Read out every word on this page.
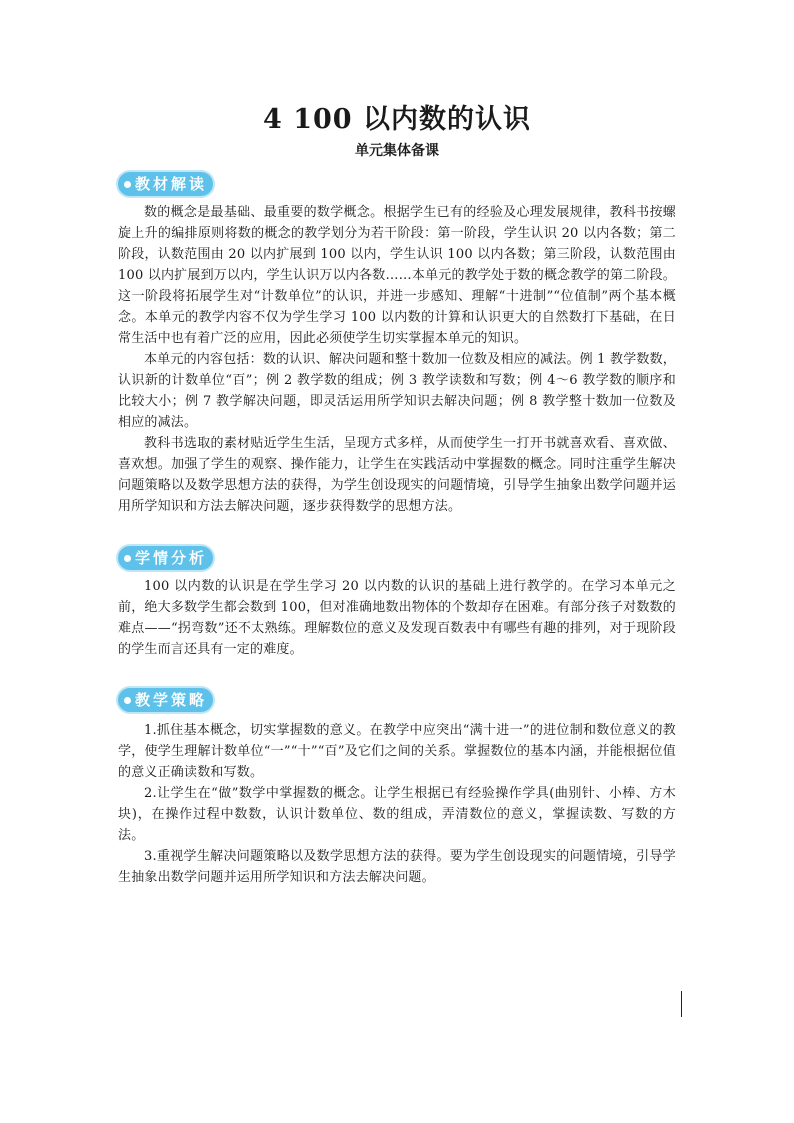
4 100 以内数的认识
单元集体备课
教材解读

数的概念是最基础、最重要的数学概念。根据学生已有的经验及心理发展规律，教科书按螺旋上升的编排原则将数的概念的教学划分为若干阶段：第一阶段，学生认识 20 以内各数；第二阶段，认数范围由 20 以内扩展到 100 以内，学生认识 100 以内各数；第三阶段，认数范围由 100 以内扩展到万以内，学生认识万以内各数……本单元的教学处于数的概念教学的第二阶段。这一阶段将拓展学生对“计数单位”的认识，并进一步感知、理解“十进制”“位值制”两个基本概念。本单元的教学内容不仅为学生学习 100 以内数的计算和认识更大的自然数打下基础，在日常生活中也有着广泛的应用，因此必须使学生切实掌握本单元的知识。

本单元的内容包括：数的认识、解决问题和整十数加一位数及相应的减法。例 1 教学数数，认识新的计数单位“百”；例 2 教学数的组成；例 3 教学读数和写数；例 4～6 教学数的顺序和比较大小；例 7 教学解决问题，即灵活运用所学知识去解决问题；例 8 教学整十数加一位数及相应的减法。

教科书选取的素材贴近学生生活，呈现方式多样，从而使学生一打开书就喜欢看、喜欢做、喜欢想。加强了学生的观察、操作能力，让学生在实践活动中掌握数的概念。同时注重学生解决问题策略以及数学思想方法的获得，为学生创设现实的问题情境，引导学生抽象出数学问题并运用所学知识和方法去解决问题，逐步获得数学的思想方法。

学情分析

100 以内数的认识是在学生学习 20 以内数的认识的基础上进行教学的。在学习本单元之前，绝大多数学生都会数到 100，但对准确地数出物体的个数却存在困难。有部分孩子对数数的难点——“拐弯数”还不太熟练。理解数位的意义及发现百数表中有哪些有趣的排列，对于现阶段的学生而言还具有一定的难度。

教学策略

1.抓住基本概念，切实掌握数的意义。在教学中应突出“满十进一”的进位制和数位意义的教学，使学生理解计数单位“一”“十”“百”及它们之间的关系。掌握数位的基本内涵，并能根据位值的意义正确读数和写数。

2.让学生在“做”数学中掌握数的概念。让学生根据已有经验操作学具(曲别针、小棒、方木块)，在操作过程中数数，认识计数单位、数的组成，弄清数位的意义，掌握读数、写数的方法。

3.重视学生解决问题策略以及数学思想方法的获得。要为学生创设现实的问题情境，引导学生抽象出数学问题并运用所学知识和方法去解决问题。
